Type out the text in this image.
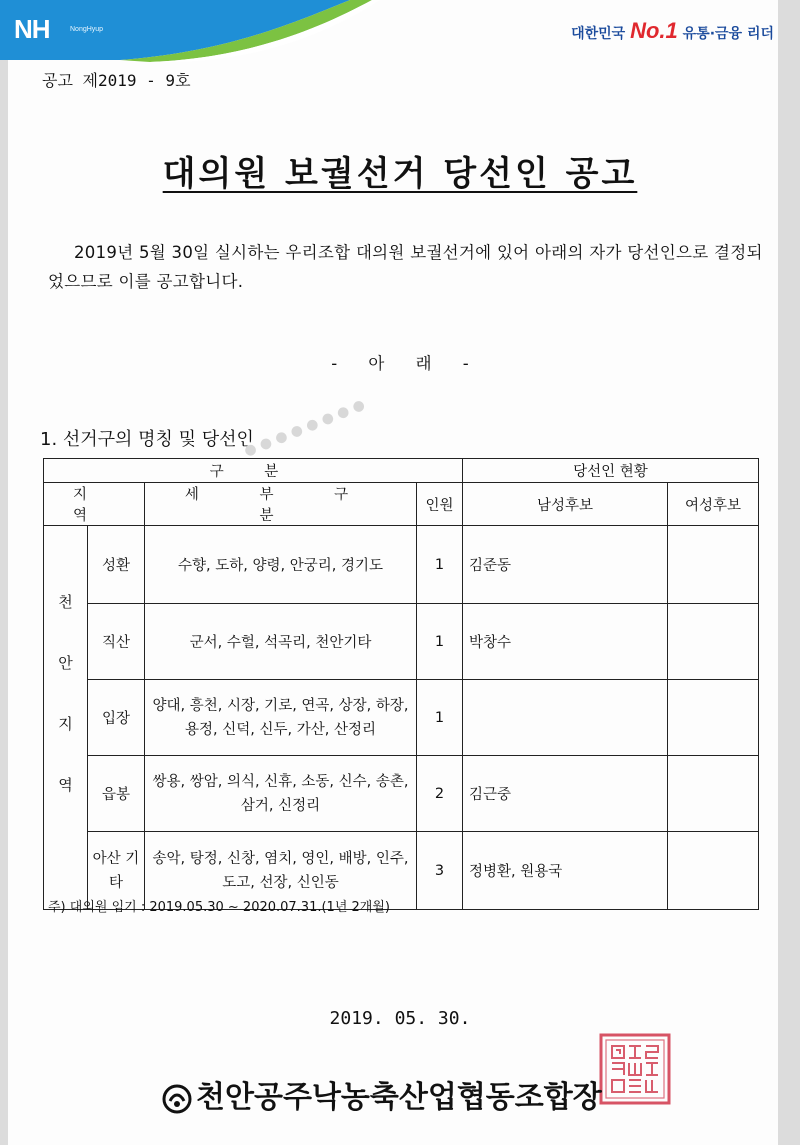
NH	NongHyup	대한민국 No.1 유통·금융 리더
공고 제2019 - 9호
대의원 보궐선거 당선인 공고
2019년 5월 30일 실시하는 우리조합 대의원 보궐선거에 있어 아래의 자가 당선인으로 결정되었으므로 이를 공고합니다.
- 아 래 -
1. 선거구의 명칭 및 당선인
● ● ● ● ● ● ● ●
구 분				당선인 현황	
지 역		세 부 구 분	인원	남성후보	여성후보
천안지역	성환	수향, 도하, 양령, 안궁리, 경기도	1	김준동	
	직산	군서, 수헐, 석곡리, 천안기타	1	박창수	
	입장	양대, 흥천, 시장, 기로, 연곡, 상장, 하장, 용정, 신덕, 신두, 가산, 산정리	1		
	읍봉	쌍용, 쌍암, 의식, 신휴, 소동, 신수, 송촌, 삼거, 신정리	2	김근중	
	아산 기타	송악, 탕정, 신창, 염치, 영인, 배방, 인주, 도고, 선장, 신인동	3	정병환, 원용국	
주) 대의원 임기 : 2019.05.30 ~ 2020.07.31.(1년 2개월)
2019. 05. 30.
천안공주낙농축산업협동조합장
